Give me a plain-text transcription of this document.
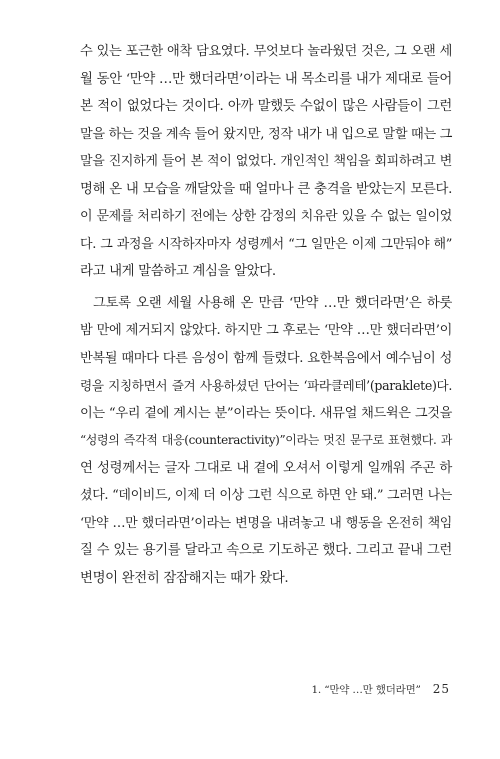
수 있는 포근한 애착 담요였다. 무엇보다 놀라웠던 것은, 그 오랜 세
월 동안 ‘만약 …만 했더라면’이라는 내 목소리를 내가 제대로 들어
본 적이 없었다는 것이다. 아까 말했듯 수없이 많은 사람들이 그런
말을 하는 것을 계속 들어 왔지만, 정작 내가 내 입으로 말할 때는 그
말을 진지하게 들어 본 적이 없었다. 개인적인 책임을 회피하려고 변
명해 온 내 모습을 깨달았을 때 얼마나 큰 충격을 받았는지 모른다.
이 문제를 처리하기 전에는 상한 감정의 치유란 있을 수 없는 일이었
다. 그 과정을 시작하자마자 성령께서 “그 일만은 이제 그만둬야 해”
라고 내게 말씀하고 계심을 알았다.
그토록 오랜 세월 사용해 온 만큼 ‘만약 …만 했더라면’은 하룻
밤 만에 제거되지 않았다. 하지만 그 후로는 ‘만약 …만 했더라면’이
반복될 때마다 다른 음성이 함께 들렸다. 요한복음에서 예수님이 성
령을 지칭하면서 즐겨 사용하셨던 단어는 ‘파라클레테’(paraklete)다.
이는 “우리 곁에 계시는 분”이라는 뜻이다. 새뮤얼 채드윅은 그것을
“성령의 즉각적 대응(counteractivity)”이라는 멋진 문구로 표현했다. 과
연 성령께서는 글자 그대로 내 곁에 오셔서 이렇게 일깨워 주곤 하
셨다. “데이비드, 이제 더 이상 그런 식으로 하면 안 돼.” 그러면 나는
‘만약 …만 했더라면’이라는 변명을 내려놓고 내 행동을 온전히 책임
질 수 있는 용기를 달라고 속으로 기도하곤 했다. 그리고 끝내 그런
변명이 완전히 잠잠해지는 때가 왔다.
1. “만약 …만 했더라면” 25
